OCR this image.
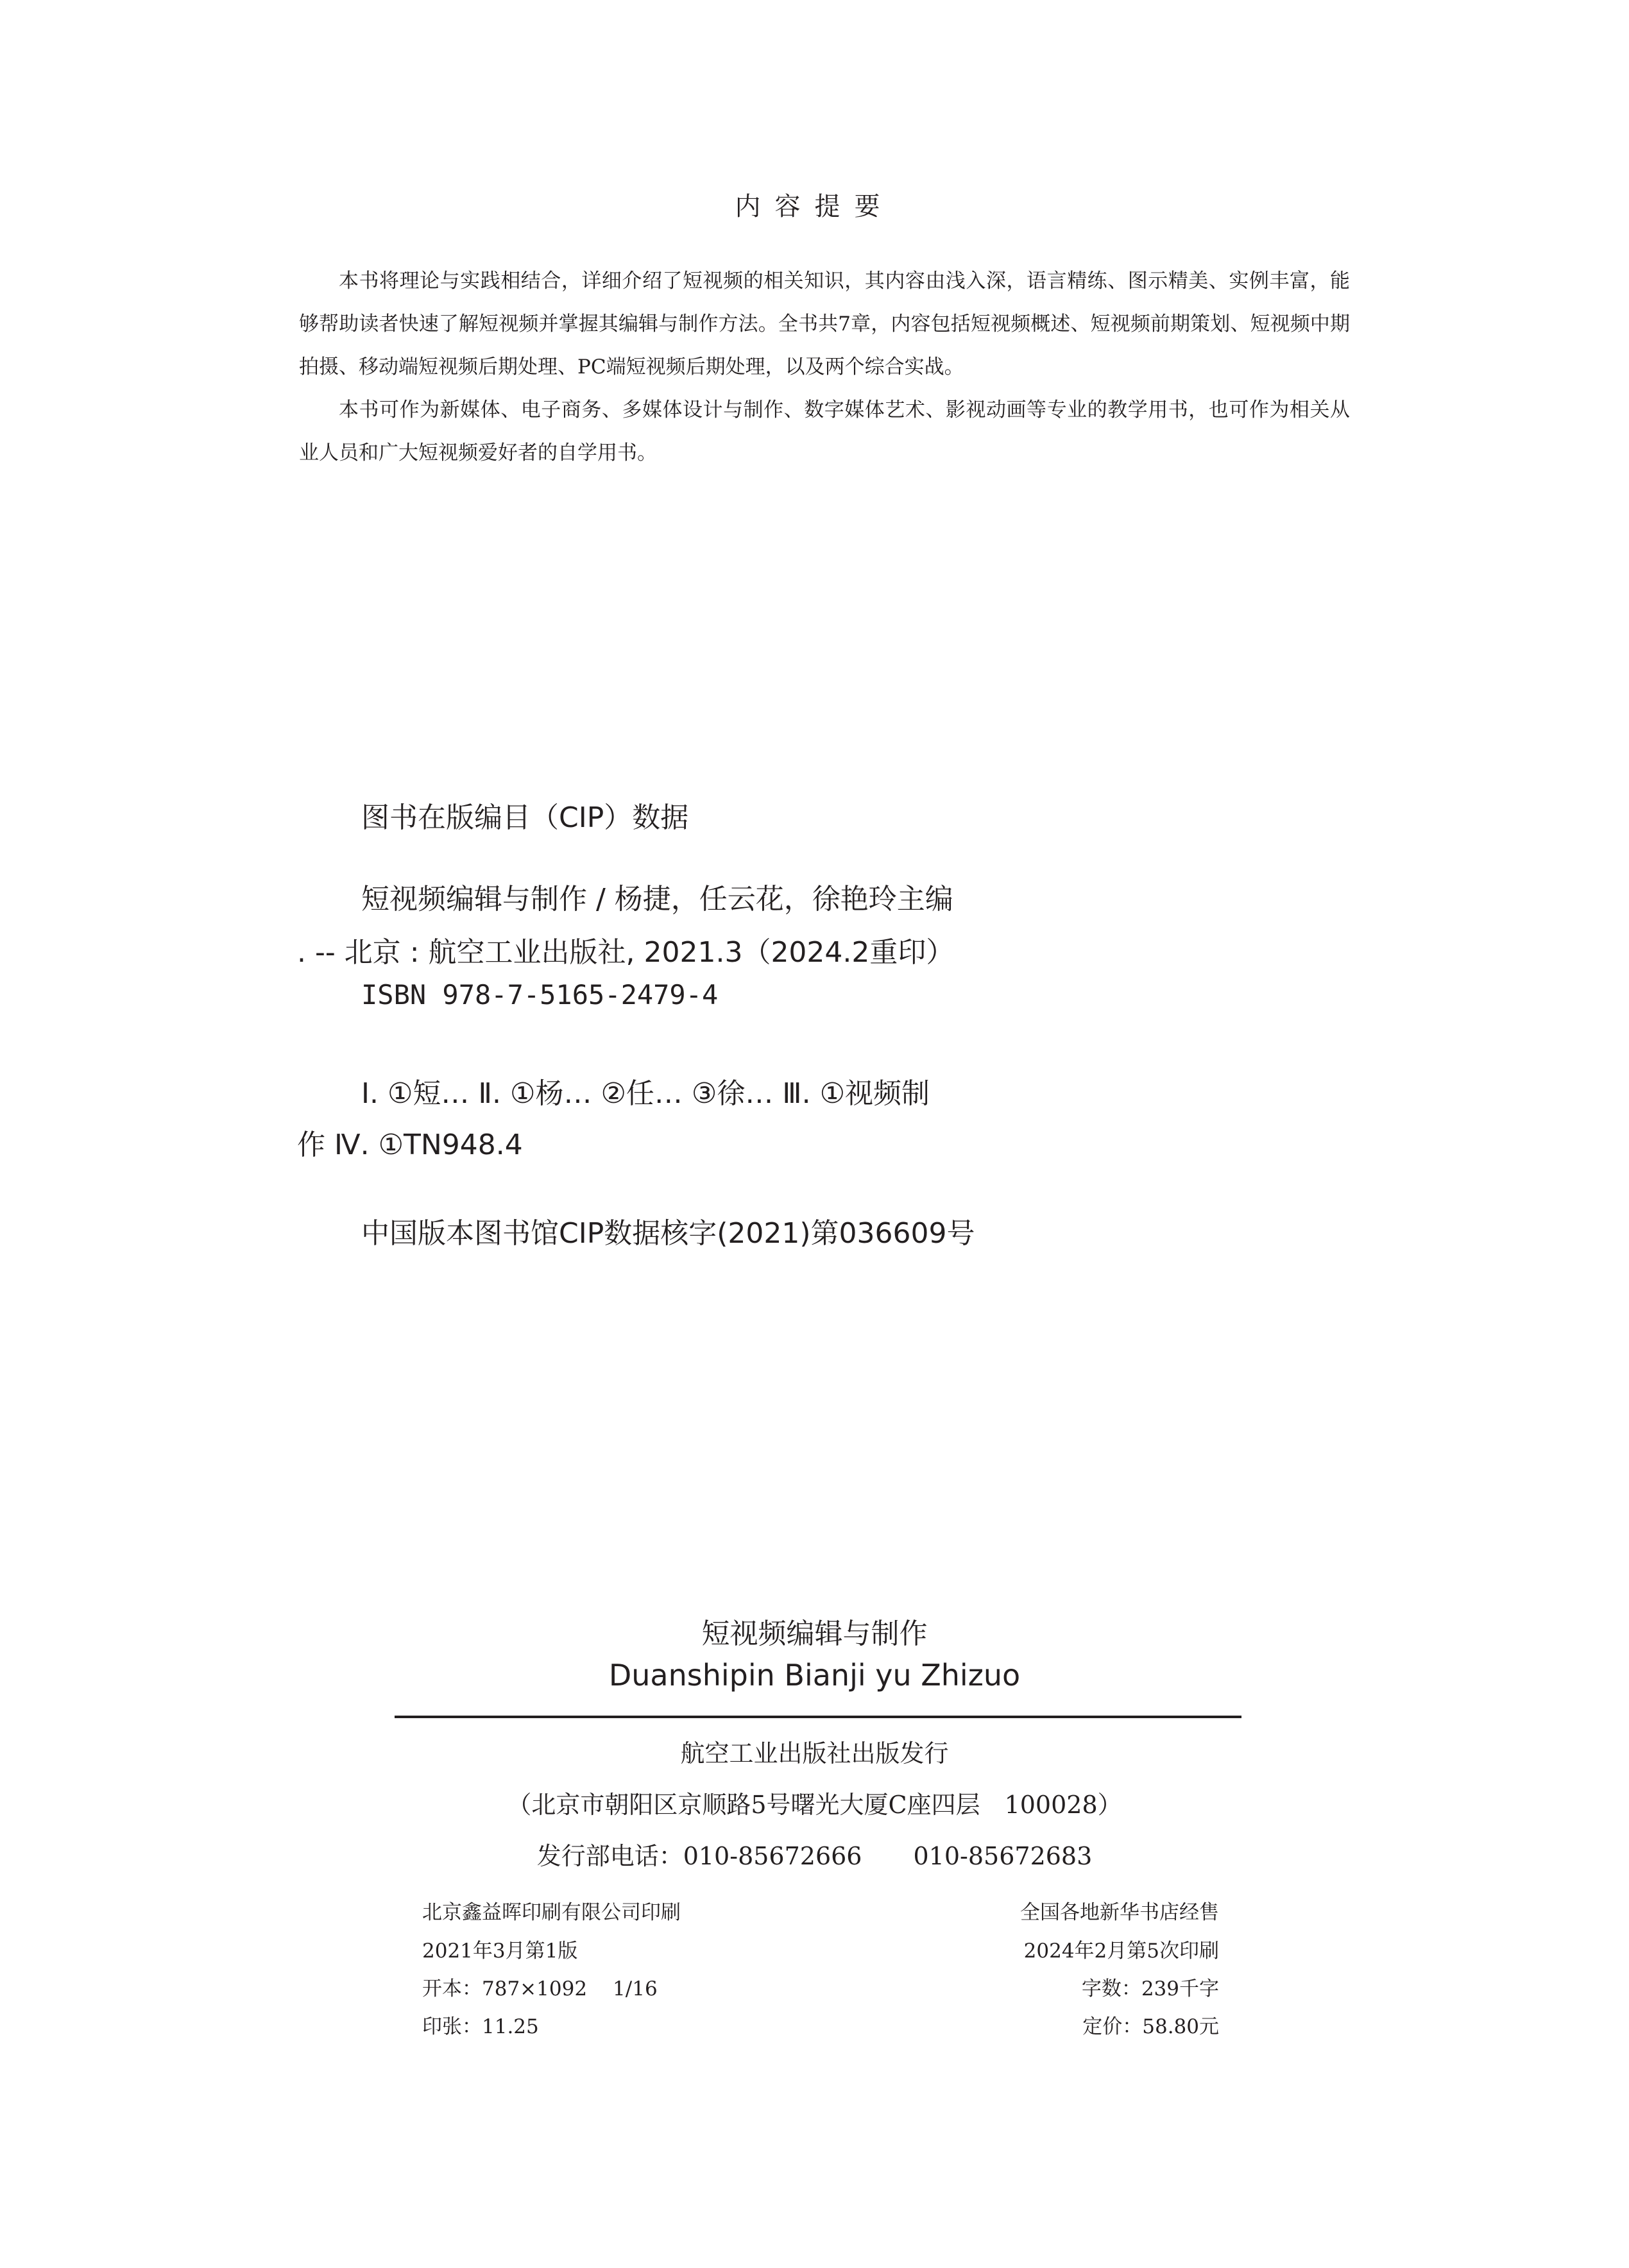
内容提要

本书将理论与实践相结合，详细介绍了短视频的相关知识，其内容由浅入深，语言精练、图示精美、实例丰富，能够帮助读者快速了解短视频并掌握其编辑与制作方法。全书共7章，内容包括短视频概述、短视频前期策划、短视频中期拍摄、移动端短视频后期处理、PC端短视频后期处理，以及两个综合实战。

本书可作为新媒体、电子商务、多媒体设计与制作、数字媒体艺术、影视动画等专业的教学用书，也可作为相关从业人员和广大短视频爱好者的自学用书。

图书在版编目（CIP）数据
短视频编辑与制作 / 杨捷，任云花，徐艳玲主编
. -- 北京 : 航空工业出版社, 2021.3（2024.2重印）
ISBN 978-7-5165-2479-4
Ⅰ. ①短… Ⅱ. ①杨… ②任… ③徐… Ⅲ. ①视频制
作 Ⅳ. ①TN948.4
中国版本图书馆CIP数据核字(2021)第036609号
短视频编辑与制作
Duanshipin Bianji yu Zhizuo
航空工业出版社出版发行
（北京市朝阳区京顺路5号曙光大厦C座四层　100028）
发行部电话：010-85672666 010-85672683
北京鑫益晖印刷有限公司印刷	全国各地新华书店经售
2021年3月第1版	2024年2月第5次印刷
开本：787×1092 1/16	字数：239千字
印张：11.25	定价：58.80元
